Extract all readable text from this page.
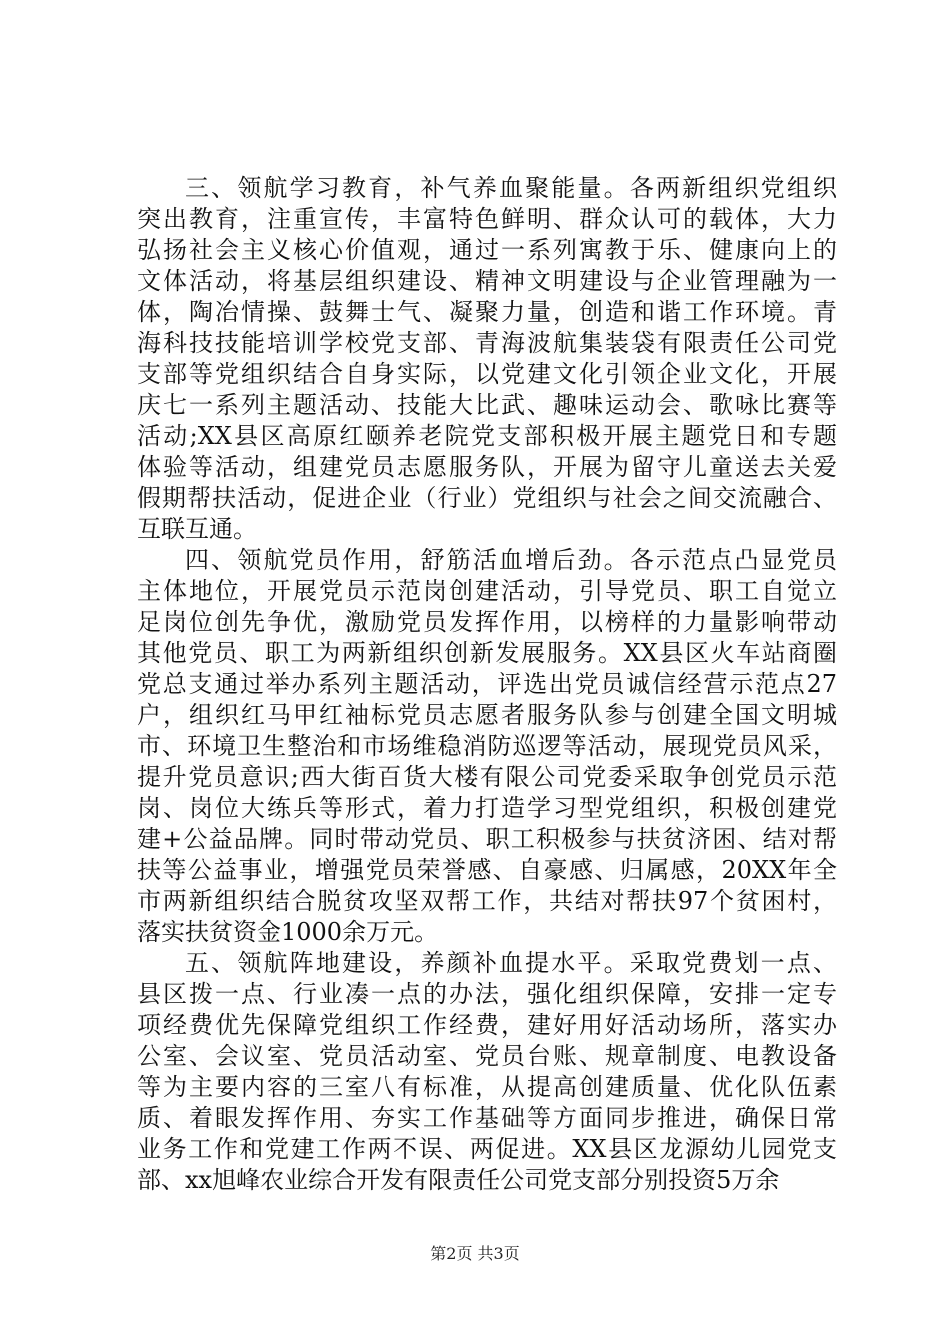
三、领航学习教育，补气养血聚能量。各两新组织党组织
突出教育，注重宣传，丰富特色鲜明、群众认可的载体，大力
弘扬社会主义核心价值观，通过一系列寓教于乐、健康向上的
文体活动，将基层组织建设、精神文明建设与企业管理融为一
体，陶冶情操、鼓舞士气、凝聚力量，创造和谐工作环境。青
海科技技能培训学校党支部、青海波航集装袋有限责任公司党
支部等党组织结合自身实际，以党建文化引领企业文化，开展
庆七一系列主题活动、技能大比武、趣味运动会、歌咏比赛等
活动;XX县区高原红颐养老院党支部积极开展主题党日和专题
体验等活动，组建党员志愿服务队，开展为留守儿童送去关爱
假期帮扶活动，促进企业（行业）党组织与社会之间交流融合、
互联互通。
四、领航党员作用，舒筋活血增后劲。各示范点凸显党员
主体地位，开展党员示范岗创建活动，引导党员、职工自觉立
足岗位创先争优，激励党员发挥作用，以榜样的力量影响带动
其他党员、职工为两新组织创新发展服务。XX县区火车站商圈
党总支通过举办系列主题活动，评选出党员诚信经营示范点27
户，组织红马甲红袖标党员志愿者服务队参与创建全国文明城
市、环境卫生整治和市场维稳消防巡逻等活动，展现党员风采，
提升党员意识;西大街百货大楼有限公司党委采取争创党员示范
岗、岗位大练兵等形式，着力打造学习型党组织，积极创建党
建+公益品牌。同时带动党员、职工积极参与扶贫济困、结对帮
扶等公益事业，增强党员荣誉感、自豪感、归属感，20XX年全
市两新组织结合脱贫攻坚双帮工作，共结对帮扶97个贫困村，
落实扶贫资金1000余万元。
五、领航阵地建设，养颜补血提水平。采取党费划一点、
县区拨一点、行业凑一点的办法，强化组织保障，安排一定专
项经费优先保障党组织工作经费，建好用好活动场所，落实办
公室、会议室、党员活动室、党员台账、规章制度、电教设备
等为主要内容的三室八有标准，从提高创建质量、优化队伍素
质、着眼发挥作用、夯实工作基础等方面同步推进，确保日常
业务工作和党建工作两不误、两促进。XX县区龙源幼儿园党支
部、xx旭峰农业综合开发有限责任公司党支部分别投资5万余
第2页 共3页
